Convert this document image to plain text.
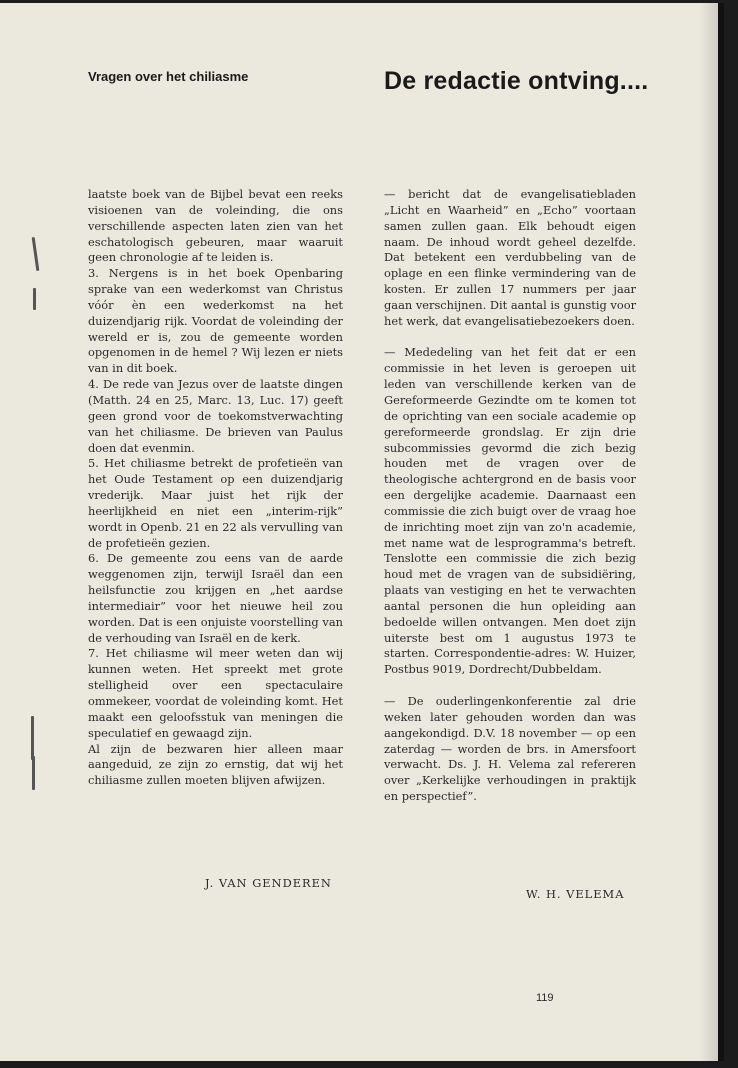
Vragen over het chiliasme	De redactie ontving....

laatste boek van de Bijbel bevat een reeks visioenen van de voleinding, die ons verschillende aspecten laten zien van het eschatologisch gebeuren, maar waaruit geen chronologie af te leiden is.

3. Nergens is in het boek Openbaring sprake van een wederkomst van Christus vóór èn een wederkomst na het duizendjarig rijk. Voordat de voleinding der wereld er is, zou de gemeente worden opgenomen in de hemel ? Wij lezen er niets van in dit boek.

4. De rede van Jezus over de laatste dingen (Matth. 24 en 25, Marc. 13, Luc. 17) geeft geen grond voor de toekomstverwachting van het chiliasme. De brieven van Paulus doen dat evenmin.

5. Het chiliasme betrekt de profetieën van het Oude Testament op een duizendjarig vrederijk. Maar juist het rijk der heerlijkheid en niet een „interim-rijk” wordt in Openb. 21 en 22 als vervulling van de profetieën gezien.

6. De gemeente zou eens van de aarde weggenomen zijn, terwijl Israël dan een heilsfunctie zou krijgen en „het aardse intermediair” voor het nieuwe heil zou worden. Dat is een onjuiste voorstelling van de verhouding van Israël en de kerk.

7. Het chiliasme wil meer weten dan wij kunnen weten. Het spreekt met grote stelligheid over een spectaculaire ommekeer, voordat de voleinding komt. Het maakt een geloofsstuk van meningen die speculatief en gewaagd zijn.

Al zijn de bezwaren hier alleen maar aangeduid, ze zijn zo ernstig, dat wij het chiliasme zullen moeten blijven afwijzen.

— bericht dat de evangelisatiebladen „Licht en Waarheid” en „Echo” voortaan samen zullen gaan. Elk behoudt eigen naam. De inhoud wordt geheel dezelfde. Dat betekent een verdubbeling van de oplage en een flinke vermindering van de kosten. Er zullen 17 nummers per jaar gaan verschijnen. Dit aantal is gunstig voor het werk, dat evangelisatiebezoekers doen.

— Mededeling van het feit dat er een commissie in het leven is geroepen uit leden van verschillende kerken van de Gereformeerde Gezindte om te komen tot de oprichting van een sociale academie op gereformeerde grondslag. Er zijn drie subcommissies gevormd die zich bezig houden met de vragen over de theologische achtergrond en de basis voor een dergelijke academie. Daarnaast een commissie die zich buigt over de vraag hoe de inrichting moet zijn van zo'n academie, met name wat de lesprogramma's betreft. Tenslotte een commissie die zich bezig houd met de vragen van de subsidiëring, plaats van vestiging en het te verwachten aantal personen die hun opleiding aan bedoelde willen ontvangen. Men doet zijn uiterste best om 1 augustus 1973 te starten. Correspondentie-adres: W. Huizer, Postbus 9019, Dordrecht/Dubbeldam.

— De ouderlingenkonferentie zal drie weken later gehouden worden dan was aangekondigd. D.V. 18 november — op een zaterdag — worden de brs. in Amersfoort verwacht. Ds. J. H. Velema zal refereren over „Kerkelijke verhoudingen in praktijk en perspectief”.

J. VAN GENDEREN
W. H. VELEMA
119
